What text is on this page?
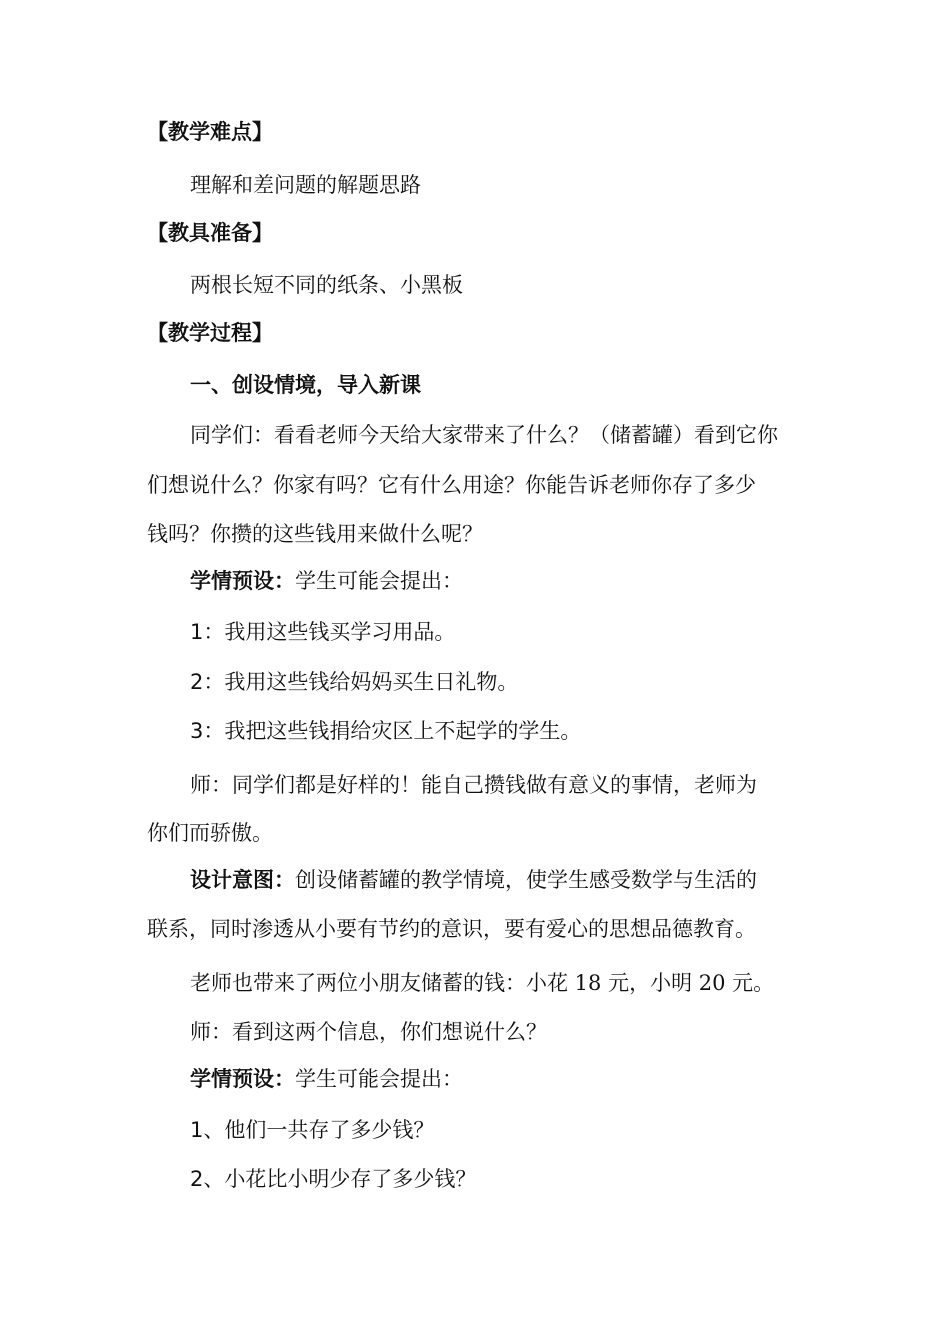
【教学难点】
理解和差问题的解题思路
【教具准备】
两根长短不同的纸条、小黑板
【教学过程】
一、创设情境，导入新课
同学们：看看老师今天给大家带来了什么？（储蓄罐）看到它你
们想说什么？你家有吗？它有什么用途？你能告诉老师你存了多少
钱吗？你攒的这些钱用来做什么呢？
学情预设：学生可能会提出：
1：我用这些钱买学习用品。
2：我用这些钱给妈妈买生日礼物。
3：我把这些钱捐给灾区上不起学的学生。
师：同学们都是好样的！能自己攒钱做有意义的事情，老师为
你们而骄傲。
设计意图：创设储蓄罐的教学情境，使学生感受数学与生活的
联系，同时渗透从小要有节约的意识，要有爱心的思想品德教育。
老师也带来了两位小朋友储蓄的钱：小花 18 元，小明 20 元。
师：看到这两个信息，你们想说什么？
学情预设：学生可能会提出：
1、他们一共存了多少钱？
2、小花比小明少存了多少钱？
